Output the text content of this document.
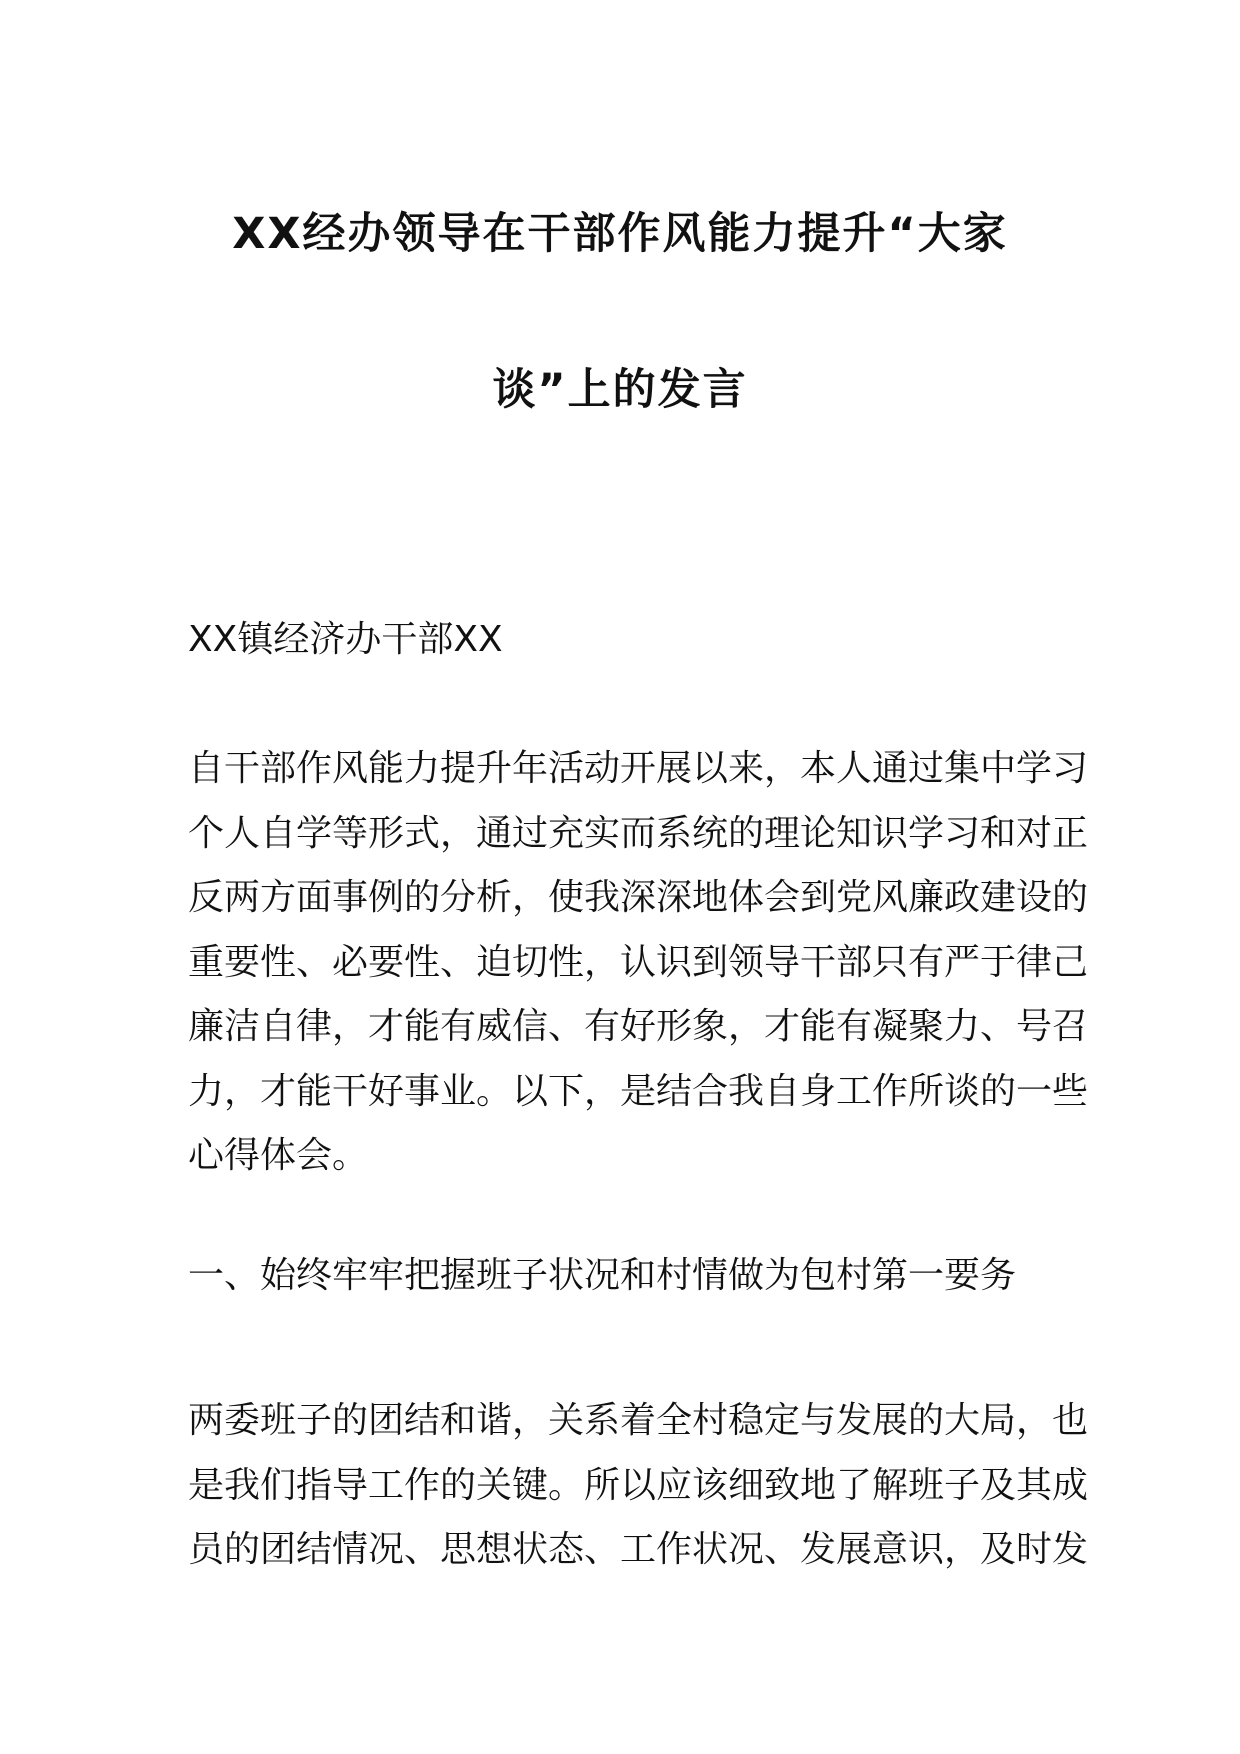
XX经办领导在干部作风能力提升“大家
谈”上的发言
XX镇经济办干部XX
自干部作风能力提升年活动开展以来，本人通过集中学习
个人自学等形式，通过充实而系统的理论知识学习和对正
反两方面事例的分析，使我深深地体会到党风廉政建设的
重要性、必要性、迫切性，认识到领导干部只有严于律己
廉洁自律，才能有威信、有好形象，才能有凝聚力、号召
力，才能干好事业。以下，是结合我自身工作所谈的一些
心得体会。
一、始终牢牢把握班子状况和村情做为包村第一要务
两委班子的团结和谐，关系着全村稳定与发展的大局，也
是我们指导工作的关键。所以应该细致地了解班子及其成
员的团结情况、思想状态、工作状况、发展意识，及时发
